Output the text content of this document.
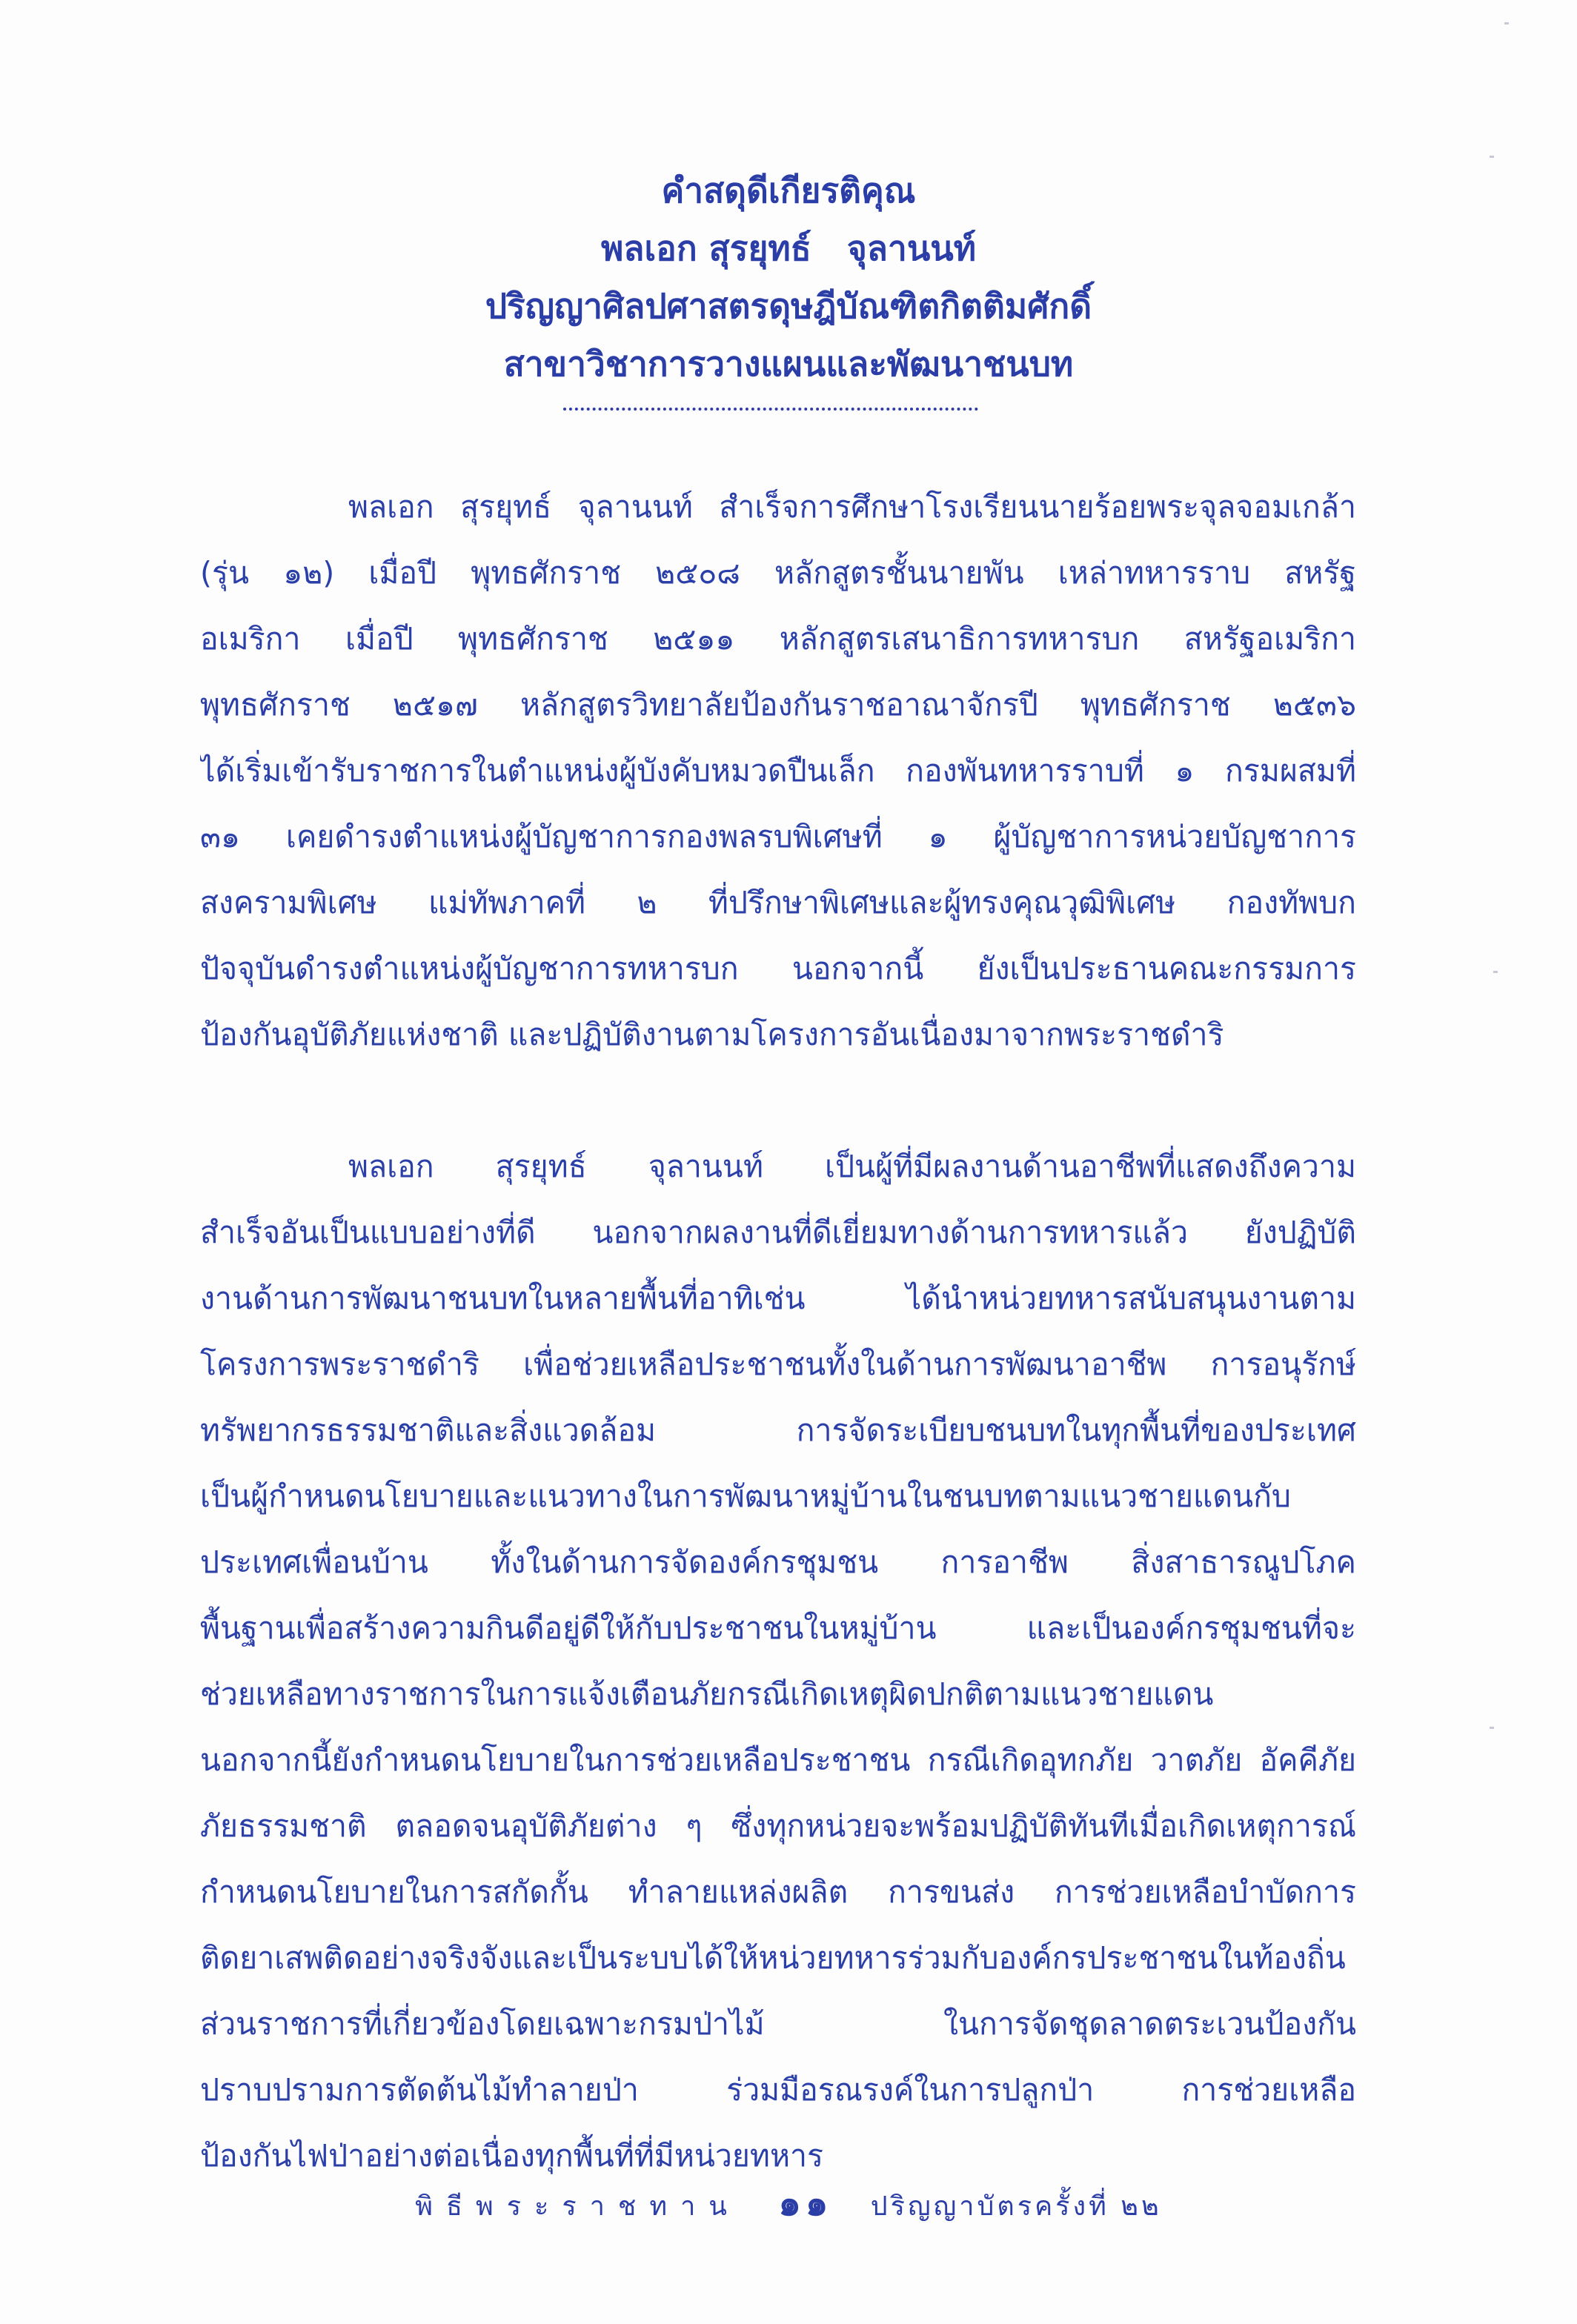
คำสดุดีเกียรติคุณ
พลเอก สุรยุทธ์   จุลานนท์
ปริญญาศิลปศาสตรดุษฎีบัณฑิตกิตติมศักดิ์
สาขาวิชาการวางแผนและพัฒนาชนบท
พลเอก สุรยุทธ์ จุลานนท์ สำเร็จการศึกษาโรงเรียนนายร้อยพระจุลจอมเกล้า
(รุ่น ๑๒) เมื่อปี พุทธศักราช ๒๕๐๘ หลักสูตรชั้นนายพัน เหล่าทหารราบ สหรัฐ
อเมริกา เมื่อปี พุทธศักราช ๒๕๑๑ หลักสูตรเสนาธิการทหารบก สหรัฐอเมริกา
พุทธศักราช ๒๕๑๗ หลักสูตรวิทยาลัยป้องกันราชอาณาจักรปี พุทธศักราช ๒๕๓๖
ได้เริ่มเข้ารับราชการในตำแหน่งผู้บังคับหมวดปืนเล็ก กองพันทหารราบที่ ๑ กรมผสมที่
๓๑ เคยดำรงตำแหน่งผู้บัญชาการกองพลรบพิเศษที่ ๑ ผู้บัญชาการหน่วยบัญชาการ
สงครามพิเศษ แม่ทัพภาคที่ ๒ ที่ปรึกษาพิเศษและผู้ทรงคุณวุฒิพิเศษ กองทัพบก
ปัจจุบันดำรงตำแหน่งผู้บัญชาการทหารบก นอกจากนี้ ยังเป็นประธานคณะกรรมการ
ป้องกันอุบัติภัยแห่งชาติ และปฏิบัติงานตามโครงการอันเนื่องมาจากพระราชดำริ
พลเอก สุรยุทธ์ จุลานนท์ เป็นผู้ที่มีผลงานด้านอาชีพที่แสดงถึงความ
สำเร็จอันเป็นแบบอย่างที่ดี นอกจากผลงานที่ดีเยี่ยมทางด้านการทหารแล้ว ยังปฏิบัติ
งานด้านการพัฒนาชนบทในหลายพื้นที่อาทิเช่น ได้นำหน่วยทหารสนับสนุนงานตาม
โครงการพระราชดำริ เพื่อช่วยเหลือประชาชนทั้งในด้านการพัฒนาอาชีพ การอนุรักษ์
ทรัพยากรธรรมชาติและสิ่งแวดล้อม การจัดระเบียบชนบทในทุกพื้นที่ของประเทศ
เป็นผู้กำหนดนโยบายและแนวทางในการพัฒนาหมู่บ้านในชนบทตามแนวชายแดนกับ
ประเทศเพื่อนบ้าน ทั้งในด้านการจัดองค์กรชุมชน การอาชีพ สิ่งสาธารณูปโภค
พื้นฐานเพื่อสร้างความกินดีอยู่ดีให้กับประชาชนในหมู่บ้าน และเป็นองค์กรชุมชนที่จะ
ช่วยเหลือทางราชการในการแจ้งเตือนภัยกรณีเกิดเหตุผิดปกติตามแนวชายแดน
นอกจากนี้ยังกำหนดนโยบายในการช่วยเหลือประชาชน กรณีเกิดอุทกภัย วาตภัย อัคคีภัย
ภัยธรรมชาติ ตลอดจนอุบัติภัยต่าง ๆ ซึ่งทุกหน่วยจะพร้อมปฏิบัติทันทีเมื่อเกิดเหตุการณ์
กำหนดนโยบายในการสกัดกั้น ทำลายแหล่งผลิต การขนส่ง การช่วยเหลือบำบัดการ
ติดยาเสพติดอย่างจริงจังและเป็นระบบได้ให้หน่วยทหารร่วมกับองค์กรประชาชนในท้องถิ่น
ส่วนราชการที่เกี่ยวข้องโดยเฉพาะกรมป่าไม้ ในการจัดชุดลาดตระเวนป้องกัน
ปราบปรามการตัดต้นไม้ทำลายป่า ร่วมมือรณรงค์ในการปลูกป่า การช่วยเหลือ
ป้องกันไฟป่าอย่างต่อเนื่องทุกพื้นที่ที่มีหน่วยทหาร
พิธีพระราชทาน ๑๑ ปริญญาบัตรครั้งที่ ๒๒
